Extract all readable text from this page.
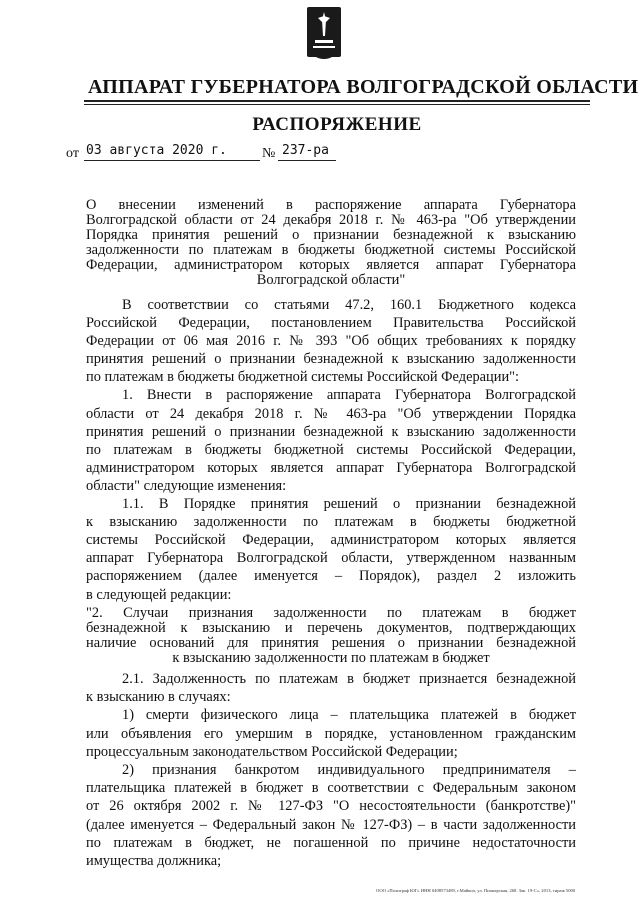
АППАРАТ ГУБЕРНАТОРА ВОЛГОГРАДСКОЙ ОБЛАСТИ
РАСПОРЯЖЕНИЕ
от 03 августа 2020 г.	№ 237-ра
О внесении изменений в распоряжение аппарата Губернатора
Волгоградской области от 24 декабря 2018 г. № 463-ра "Об утверждении
Порядка принятия решений о признании безнадежной к взысканию
задолженности по платежам в бюджеты бюджетной системы Российской
Федерации, администратором которых является аппарат Губернатора
Волгоградской области"
В соответствии со статьями 47.2, 160.1 Бюджетного кодекса
Российской Федерации, постановлением Правительства Российской
Федерации от 06 мая 2016 г. № 393 "Об общих требованиях к порядку
принятия решений о признании безнадежной к взысканию задолженности
по платежам в бюджеты бюджетной системы Российской Федерации":
1. Внести в распоряжение аппарата Губернатора Волгоградской
области от 24 декабря 2018 г. № 463-ра "Об утверждении Порядка
принятия решений о признании безнадежной к взысканию задолженности
по платежам в бюджеты бюджетной системы Российской Федерации,
администратором которых является аппарат Губернатора Волгоградской
области" следующие изменения:
1.1. В Порядке принятия решений о признании безнадежной
к взысканию задолженности по платежам в бюджеты бюджетной
системы Российской Федерации, администратором которых является
аппарат Губернатора Волгоградской области, утвержденном названным
распоряжением (далее именуется – Порядок), раздел 2 изложить
в следующей редакции:
"2. Случаи признания задолженности по платежам в бюджет
безнадежной к взысканию и перечень документов, подтверждающих
наличие оснований для принятия решения о признании безнадежной
к взысканию задолженности по платежам в бюджет
2.1. Задолженность по платежам в бюджет признается безнадежной
к взысканию в случаях:
1) смерти физического лица – плательщика платежей в бюджет
или объявления его умершим в порядке, установленном гражданским
процессуальным законодательством Российской Федерации;
2) признания банкротом индивидуального предпринимателя –
плательщика платежей в бюджет в соответствии с Федеральным законом
от 26 октября 2002 г. № 127-ФЗ "О несостоятельности (банкротстве)"
(далее именуется – Федеральный закон № 127-ФЗ) – в части задолженности
по платежам в бюджет, не погашенной по причине недостаточности
имущества должника;
ООО «Полиграф ЮГ» ИНН 0408573489, г.Майкоп, ул. Пионерская, 268. Зак. 19-С», 2013, тираж 5000
